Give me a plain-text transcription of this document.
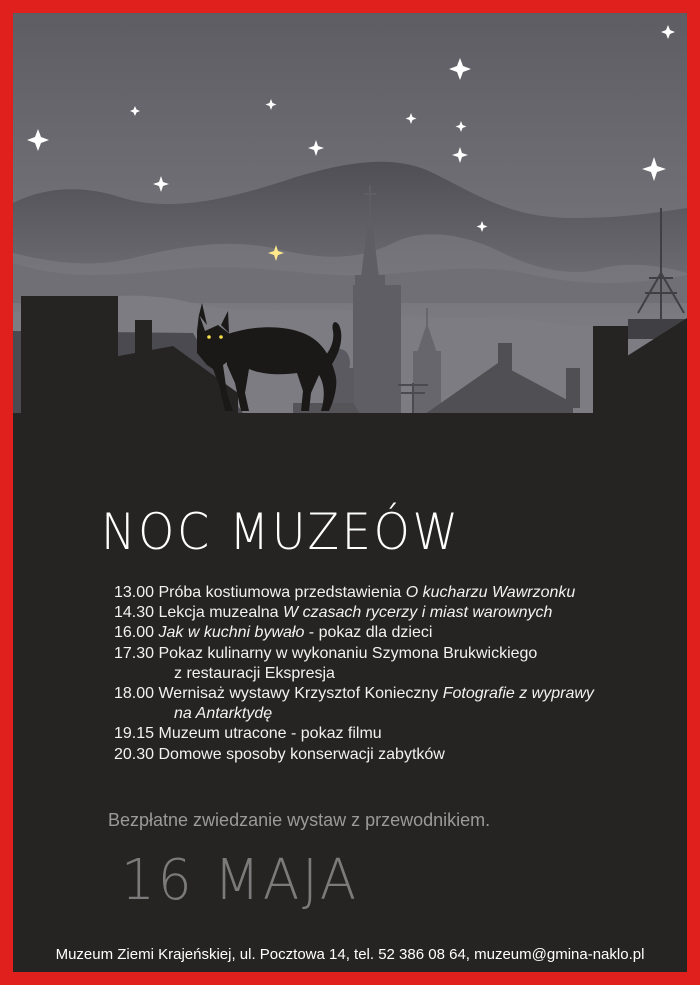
NOC MUZEÓW
13.00 Próba kostiumowa przedstawienia O kucharzu Wawrzonku
14.30 Lekcja muzealna W czasach rycerzy i miast warownych
16.00 Jak w kuchni bywało - pokaz dla dzieci
17.30 Pokaz kulinarny w wykonaniu Szymona Brukwickiego
z restauracji Ekspresja
18.00 Wernisaż wystawy Krzysztof Konieczny Fotografie z wyprawy
na Antarktydę
19.15 Muzeum utracone - pokaz filmu
20.30 Domowe sposoby konserwacji zabytków
Bezpłatne zwiedzanie wystaw z przewodnikiem.
16 MAJA
Muzeum Ziemi Krajeńskiej, ul. Pocztowa 14, tel. 52 386 08 64, muzeum@gmina-naklo.pl
